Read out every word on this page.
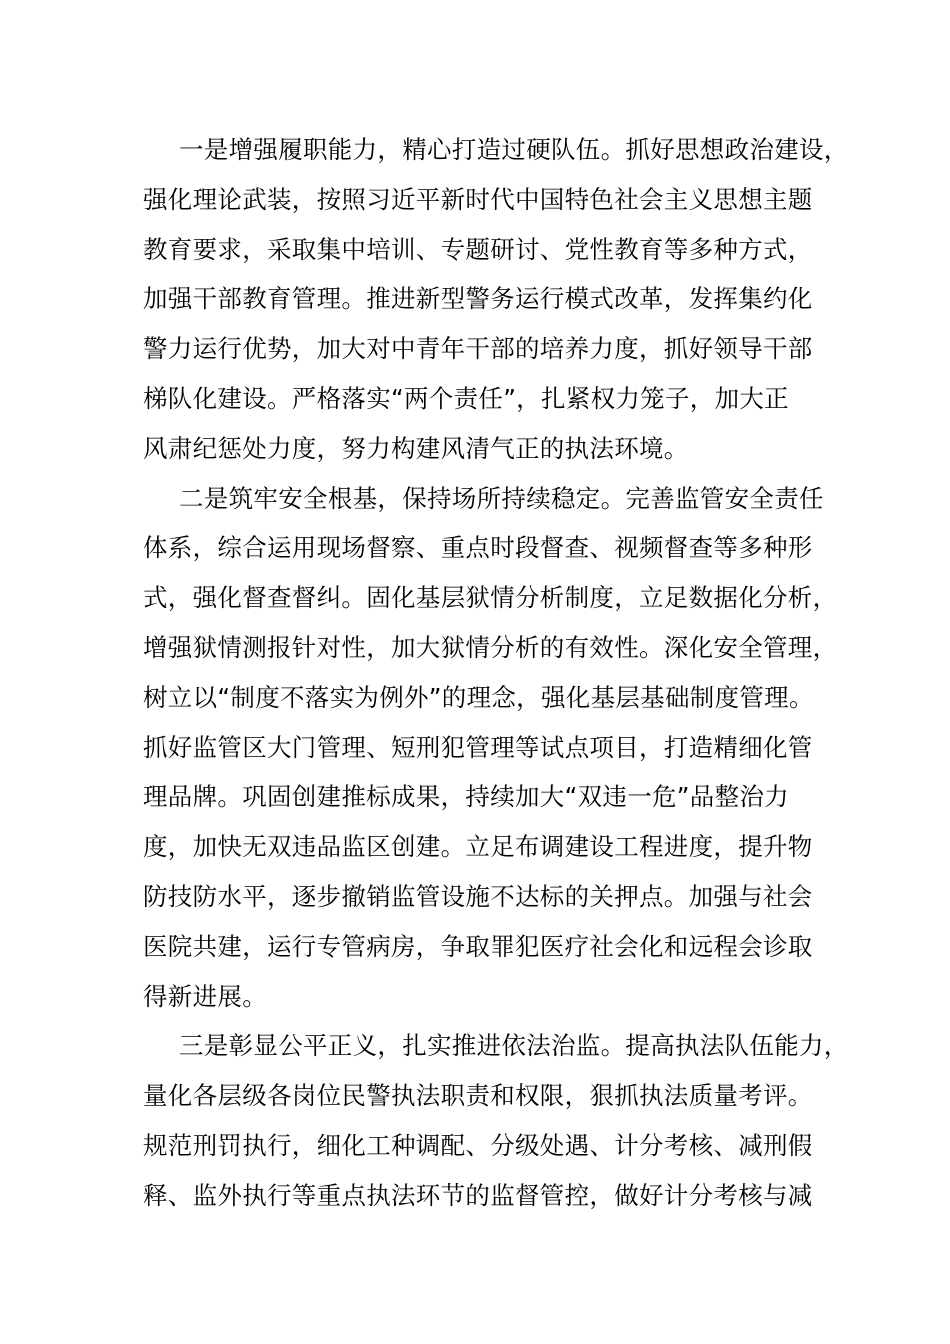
一是增强履职能力，精心打造过硬队伍。抓好思想政治建设，
强化理论武装，按照习近平新时代中国特色社会主义思想主题
教育要求，采取集中培训、专题研讨、党性教育等多种方式，
加强干部教育管理。推进新型警务运行模式改革，发挥集约化
警力运行优势，加大对中青年干部的培养力度，抓好领导干部
梯队化建设。严格落实“两个责任”，扎紧权力笼子，加大正
风肃纪惩处力度，努力构建风清气正的执法环境。
二是筑牢安全根基，保持场所持续稳定。完善监管安全责任
体系，综合运用现场督察、重点时段督查、视频督查等多种形
式，强化督查督纠。固化基层狱情分析制度，立足数据化分析，
增强狱情测报针对性，加大狱情分析的有效性。深化安全管理，
树立以“制度不落实为例外”的理念，强化基层基础制度管理。
抓好监管区大门管理、短刑犯管理等试点项目，打造精细化管
理品牌。巩固创建推标成果，持续加大“双违一危”品整治力
度，加快无双违品监区创建。立足布调建设工程进度，提升物
防技防水平，逐步撤销监管设施不达标的关押点。加强与社会
医院共建，运行专管病房，争取罪犯医疗社会化和远程会诊取
得新进展。
三是彰显公平正义，扎实推进依法治监。提高执法队伍能力，
量化各层级各岗位民警执法职责和权限，狠抓执法质量考评。
规范刑罚执行，细化工种调配、分级处遇、计分考核、减刑假
释、监外执行等重点执法环节的监督管控，做好计分考核与减
